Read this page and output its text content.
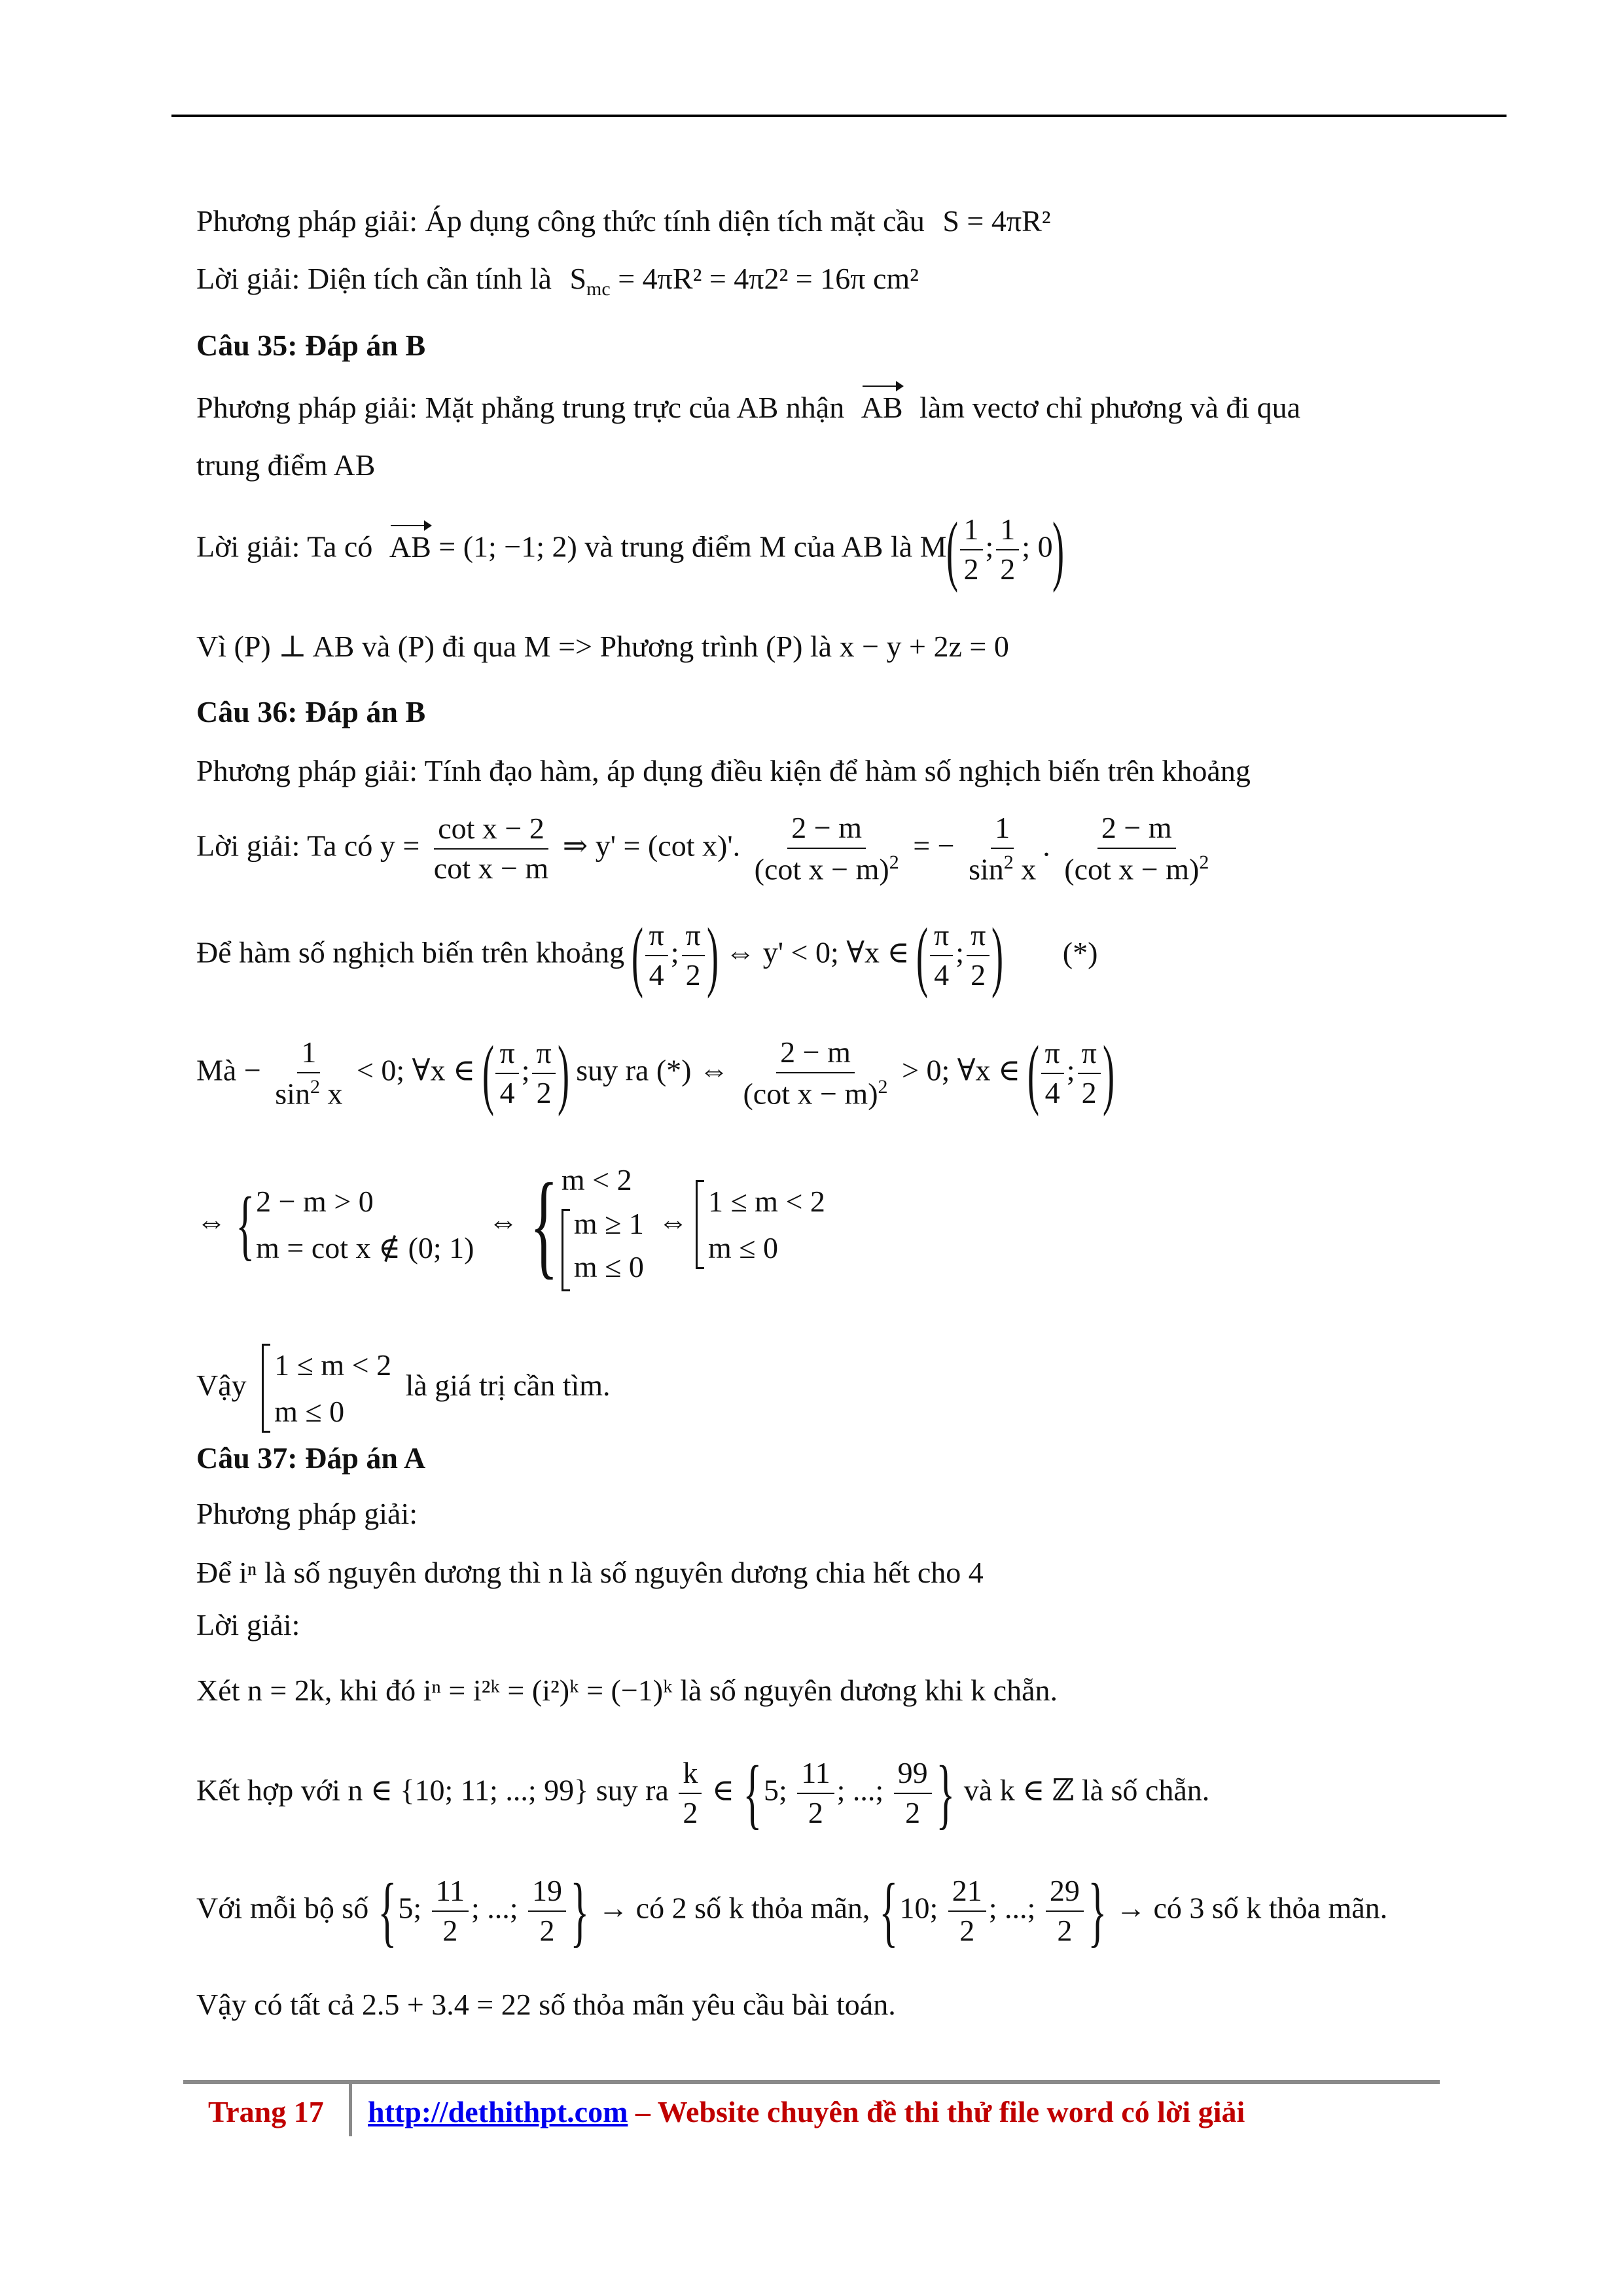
Phương pháp giải: Áp dụng công thức tính diện tích mặt cầu S = 4πR²
Lời giải: Diện tích cần tính là $S_{mc} = 4\pi R^2 = 4\pi 2^2 = 16\pi$ cm²
Câu 35: Đáp án B
Phương pháp giải: Mặt phẳng trung trực của AB nhận AB làm vectơ chỉ phương và đi qua
trung điểm AB
Lời giải: Ta có AB = (1; −1; 2) và trung điểm M của AB là $M( \frac{1}{2}$ ; $\frac{1}{2}$ ; 0)
Vì (P) ⊥ AB và (P) đi qua M => Phương trình (P) là x − y + 2z = 0
Câu 36: Đáp án B
Phương pháp giải: Tính đạo hàm, áp dụng điều kiện để hàm số nghịch biến trên khoảng
Lời giải: Ta có $y = \frac{\text{cot x − 2}}{\text{cot x − m}}$ ⇒ y' = (cot x)'. $\frac{2 - m}{(\cot x - m)^2}$ = − $\frac{1}{\sin^2 x}$ . $\frac{2 - m}{(\cot x - m)^2}$
Để hàm số nghịch biến trên khoảng ( $\frac{\pi}{4}$ ; $\frac{\pi}{2}$ ) ⇔ y' < 0; ∀x ∈ ( $\frac{\pi}{4}$ ; $\frac{\pi}{2}$ ) (*)
Mà − $\frac{1}{\sin^2 x} < 0$; ∀x ∈ ( $\frac{\pi}{4}$ ; $\frac{\pi}{2}$ ) suy ra (*) ⇔ $\frac{2 - m}{(\cot x - m)^2} > 0$; ∀x ∈ ( $\frac{\pi}{4}$ ; $\frac{\pi}{2}$ )
⇔ { 2 − m > 0
m = cot x ∉ (0; 1)
⇔ { m < 2
m ≥ 1
m ≤ 0
⇔
1 ≤ m < 2
m ≤ 0
Vậy
1 ≤ m < 2
m ≤ 0
là giá trị cần tìm.
Câu 37: Đáp án A
Phương pháp giải:
Để iⁿ là số nguyên dương thì n là số nguyên dương chia hết cho 4
Lời giải:
Xét n = 2k, khi đó iⁿ = i²ᵏ = (i²)ᵏ = (−1)ᵏ là số nguyên dương khi k chẵn.
Kết hợp với n ∈ {10; 11; ...; 99} suy ra $\frac{k}{2}$ ∈ {5; $\frac{11}{2}$ ; ...; $\frac{99}{2}$ } và k ∈ ℤ là số chẵn.
Với mỗi bộ số {5; $\frac{11}{2}$ ; ...; $\frac{19}{2}$ } → có 2 số k thỏa mãn, {10; $\frac{21}{2}$ ; ...; $\frac{29}{2}$ } → có 3 số k thỏa mãn.
Vậy có tất cả 2.5 + 3.4 = 22 số thỏa mãn yêu cầu bài toán.
Trang 17 http://dethithpt.com – Website chuyên đề thi thử file word có lời giải
